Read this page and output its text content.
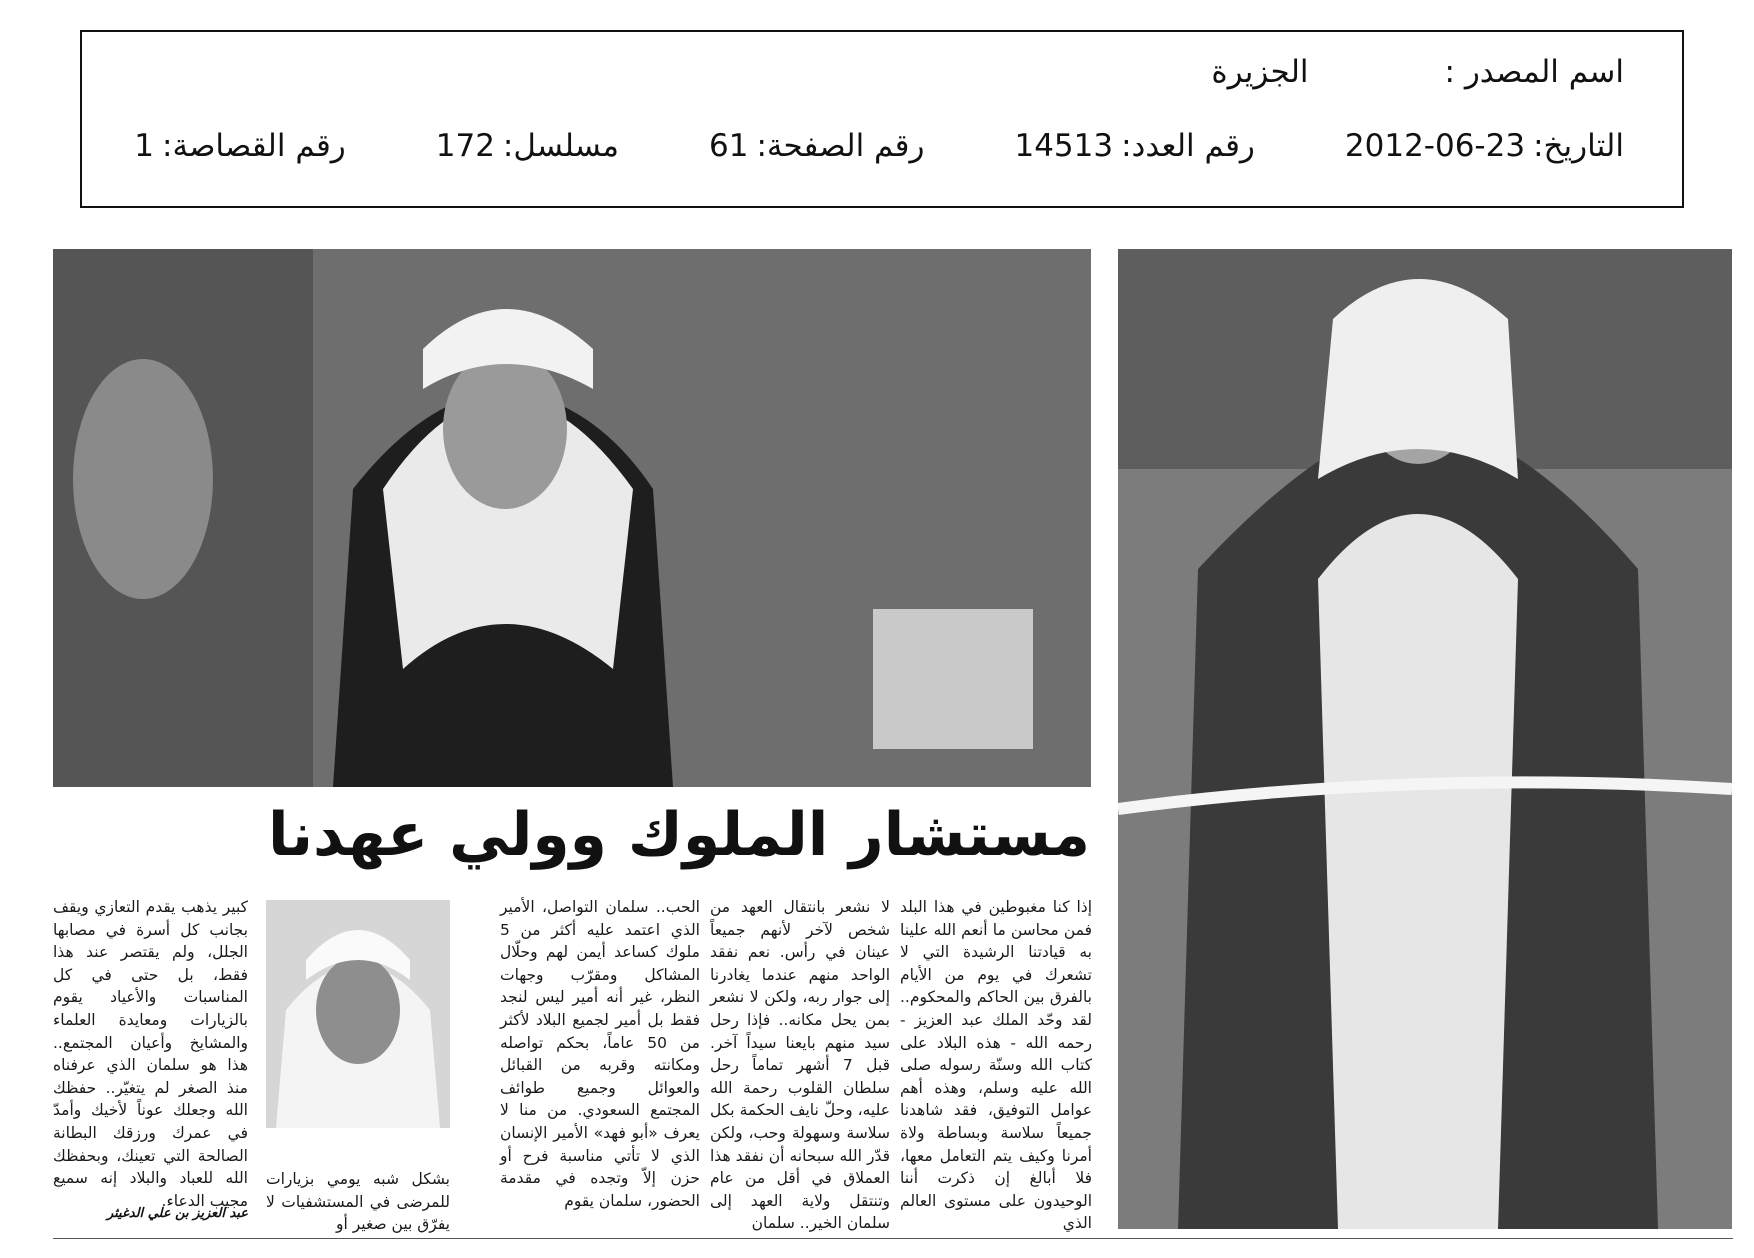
اسم المصدر :
الجزيرة
التاريخ:
2012-06-23
رقم العدد:
14513
رقم الصفحة:
61
مسلسل:
172
رقم القصاصة:
1
مستشار الملوك وولي عهدنا
إذا كنا مغبوطين في هذا البلد فمن محاسن ما أنعم الله علينا به قيادتنا الرشيدة التي لا تشعرك في يوم من الأيام بالفرق بين الحاكم والمحكوم.. لقد وحّد الملك عبد العزيز - رحمه الله - هذه البلاد على كتاب الله وسنّة رسوله صلى الله عليه وسلم، وهذه أهم عوامل التوفيق، فقد شاهدنا جميعاً سلاسة وبساطة ولاة أمرنا وكيف يتم التعامل معها، فلا أبالغ إن ذكرت أننا الوحيدون على مستوى العالم الذي
لا نشعر بانتقال العهد من شخص لآخر لأنهم جميعاً عينان في رأس. نعم نفقد الواحد منهم عندما يغادرنا إلى جوار ربه، ولكن لا نشعر بمن يحل مكانه.. فإذا رحل سيد منهم بايعنا سيداً آخر. قبل 7 أشهر تماماً رحل سلطان القلوب رحمة الله عليه، وحلّ نايف الحكمة بكل سلاسة وسهولة وحب، ولكن قدّر الله سبحانه أن نفقد هذا العملاق في أقل من عام وتنتقل ولاية العهد إلى سلمان الخير.. سلمان
الحب.. سلمان التواصل، الأمير الذي اعتمد عليه أكثر من 5 ملوك كساعد أيمن لهم وحلّال المشاكل ومقرّب وجهات النظر، غير أنه أمير ليس لنجد فقط بل أمير لجميع البلاد لأكثر من 50 عاماً، بحكم تواصله ومكانته وقربه من القبائل والعوائل وجميع طوائف المجتمع السعودي. من منا لا يعرف «أبو فهد» الأمير الإنسان الذي لا تأتي مناسبة فرح أو حزن إلاّ وتجده في مقدمة الحضور، سلمان يقوم
كبير يذهب يقدم التعازي ويقف بجانب كل أسرة في مصابها الجلل، ولم يقتصر عند هذا فقط، بل حتى في كل المناسبات والأعياد يقوم بالزيارات ومعايدة العلماء والمشايخ وأعيان المجتمع.. هذا هو سلمان الذي عرفناه منذ الصغر لم يتغيّر.. حفظك الله وجعلك عوناً لأخيك وأمدّ في عمرك ورزقك البطانة الصالحة التي تعينك، وبحفظك الله للعباد والبلاد إنه سميع مجيب الدعاء.
بشكل شبه يومي بزيارات للمرضى في المستشفيات لا يفرّق بين صغير أو
عبد العزيز بن علي الدغيثر
